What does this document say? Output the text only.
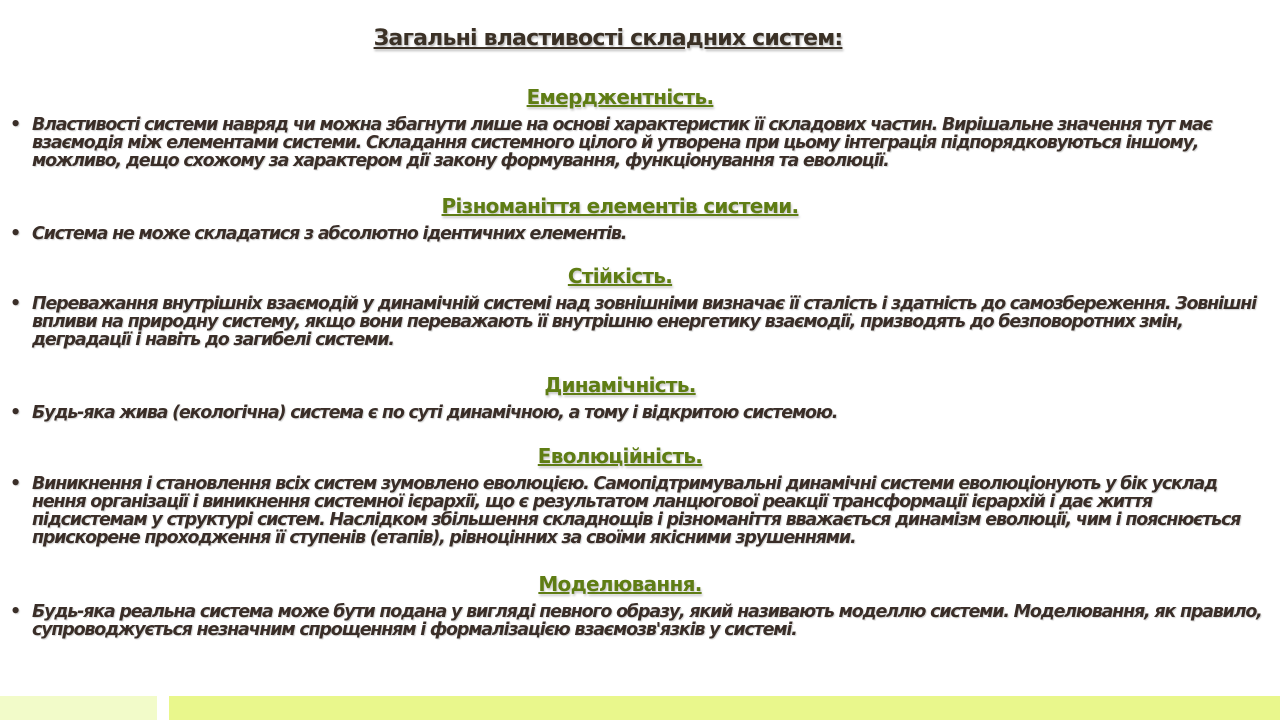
Загальні властивості складних систем:
Емерджентність.
• Властивості системи навряд чи можна збагнути лише на основі характеристик її складових частин. Вирішальне значення тут має взаємодія між елементами системи. Складання системного цілого й утворена при цьому інтеграція підпорядковуються іншому, можливо, дещо схожому за характером дії закону формування, функціонування та еволюції.
Різноманіття елементів системи.
• Система не може складатися з абсолютно ідентичних елементів.
Стійкість.
• Переважання внутрішніх взаємодій у динамічній системі над зовнішніми визначає її сталість і здатність до самозбереження. Зовнішні впливи на природну систему, якщо вони переважають її внутрішню енергетику взаємодії, призводять до безповоротних змін, деградації і навіть до загибелі системи.
Динамічність.
• Будь-яка жива (екологічна) система є по суті динамічною, а тому і відкритою системою.
Еволюційність.
• Виникнення і становлення всіх систем зумовлено еволюцією. Самопідтримувальні динамічні системи еволюціонують у бік усклад нення організації і виникнення системної ієрархії, що є результатом ланцюгової реакції трансформації ієрархій і дає життя підсистемам у структурі систем. Наслідком збільшення складнощів і різноманіття вважається динамізм еволюції, чим і пояснюється прискорене проходження її ступенів (етапів), рівноцінних за своїми якісними зрушеннями.
Моделювання.
• Будь-яка реальна система може бути подана у вигляді певного образу, який називають моделлю системи. Моделювання, як правило, супроводжується незначним спрощенням і формалізацією взаємозв'язків у системі.
